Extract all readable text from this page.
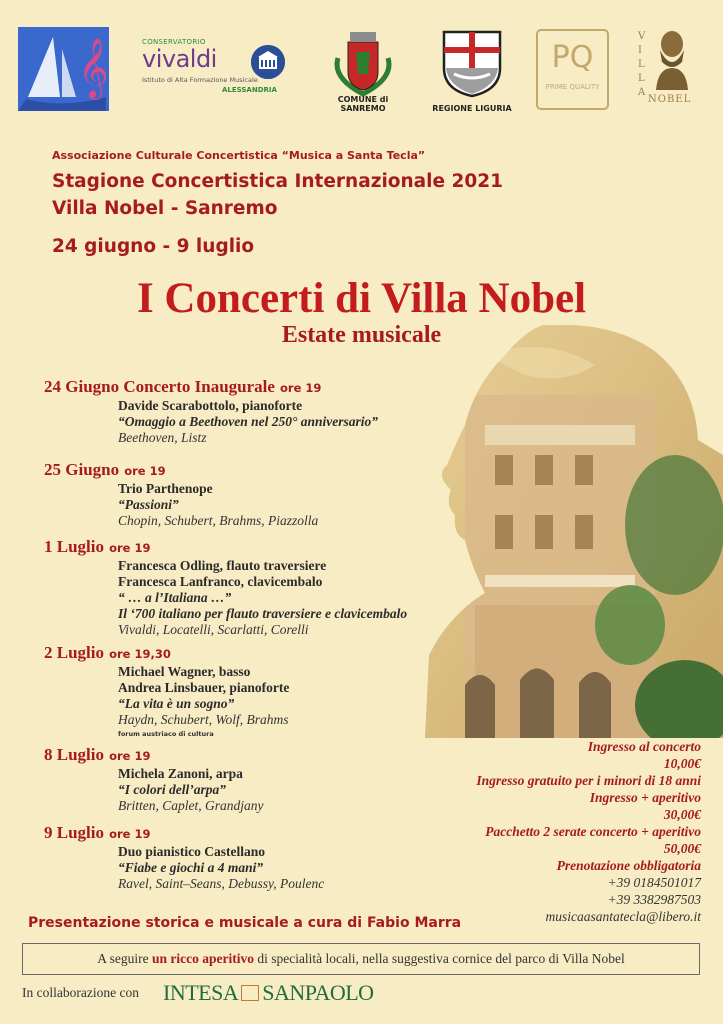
𝄞	CONSERVATORIO
vivaldi
Istituto di Alta Formazione Musicale
ALESSANDRIA
COMUNE di SANREMO	REGIONE LIGURIA
PQ
PRIME QUALITY
V
I
L
L
A
NOBEL
Associazione Culturale Concertistica “Musica a Santa Tecla”
Stagione Concertistica Internazionale 2021
Villa Nobel - Sanremo
24 giugno - 9 luglio
I Concerti di Villa Nobel
Estate musicale
24 Giugno Concerto Inaugurale ore 19
Davide Scarabottolo, pianoforte
“Omaggio a Beethoven nel 250° anniversario”
Beethoven, Listz
25 Giugno ore 19
Trio Parthenope
“Passioni”
Chopin, Schubert, Brahms, Piazzolla
1 Luglio ore 19
Francesca Odling, flauto traversiere
Francesca Lanfranco, clavicembalo
“ … a l’Italiana …”
Il ‘700 italiano per flauto traversiere e clavicembalo
Vivaldi, Locatelli, Scarlatti, Corelli
2 Luglio ore 19,30
Michael Wagner, basso
Andrea Linsbauer, pianoforte
“La vita è un sogno”
Haydn, Schubert, Wolf, Brahms
forum austriaco di cultura
8 Luglio ore 19
Michela Zanoni, arpa
“I colori dell’arpa”
Britten, Caplet, Grandjany
9 Luglio ore 19
Duo pianistico Castellano
“Fiabe e giochi a 4 mani”
Ravel, Saint–Seans, Debussy, Poulenc
Ingresso al concerto
10,00€
Ingresso gratuito per i minori di 18 anni
Ingresso + aperitivo
30,00€
Pacchetto 2 serate concerto + aperitivo
50,00€
Prenotazione obbligatoria
+39 0184501017
+39 3382987503
musicaasantatecla@libero.it
Presentazione storica e musicale a cura di Fabio Marra
A seguire un ricco aperitivo di specialità locali, nella suggestiva cornice del parco di Villa Nobel
In collaborazione con INTESA SANPAOLO
